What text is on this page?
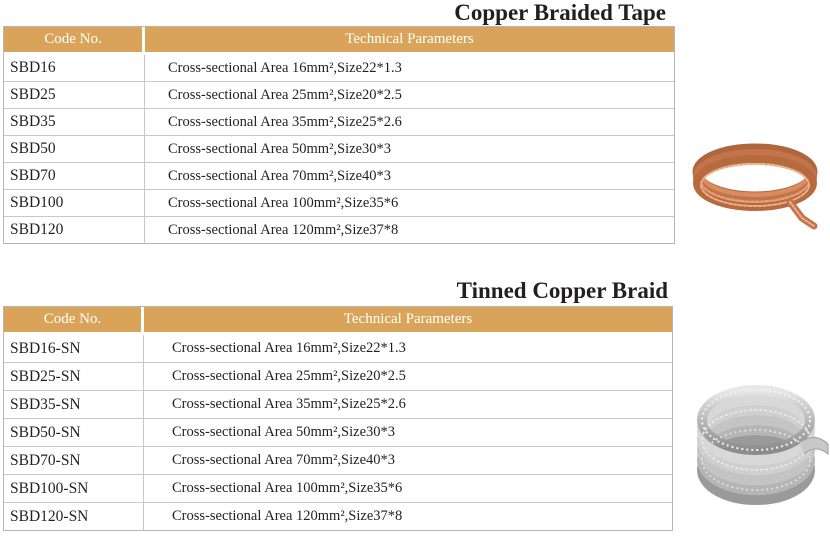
Copper Braided Tape
Code No.	Technical Parameters
SBD16	Cross-sectional Area 16mm²,Size22*1.3
SBD25	Cross-sectional Area 25mm²,Size20*2.5
SBD35	Cross-sectional Area 35mm²,Size25*2.6
SBD50	Cross-sectional Area 50mm²,Size30*3
SBD70	Cross-sectional Area 70mm²,Size40*3
SBD100	Cross-sectional Area 100mm²,Size35*6
SBD120	Cross-sectional Area 120mm²,Size37*8
Tinned Copper Braid
Code No.	Technical Parameters
SBD16-SN	Cross-sectional Area 16mm²,Size22*1.3
SBD25-SN	Cross-sectional Area 25mm²,Size20*2.5
SBD35-SN	Cross-sectional Area 35mm²,Size25*2.6
SBD50-SN	Cross-sectional Area 50mm²,Size30*3
SBD70-SN	Cross-sectional Area 70mm²,Size40*3
SBD100-SN	Cross-sectional Area 100mm²,Size35*6
SBD120-SN	Cross-sectional Area 120mm²,Size37*8
